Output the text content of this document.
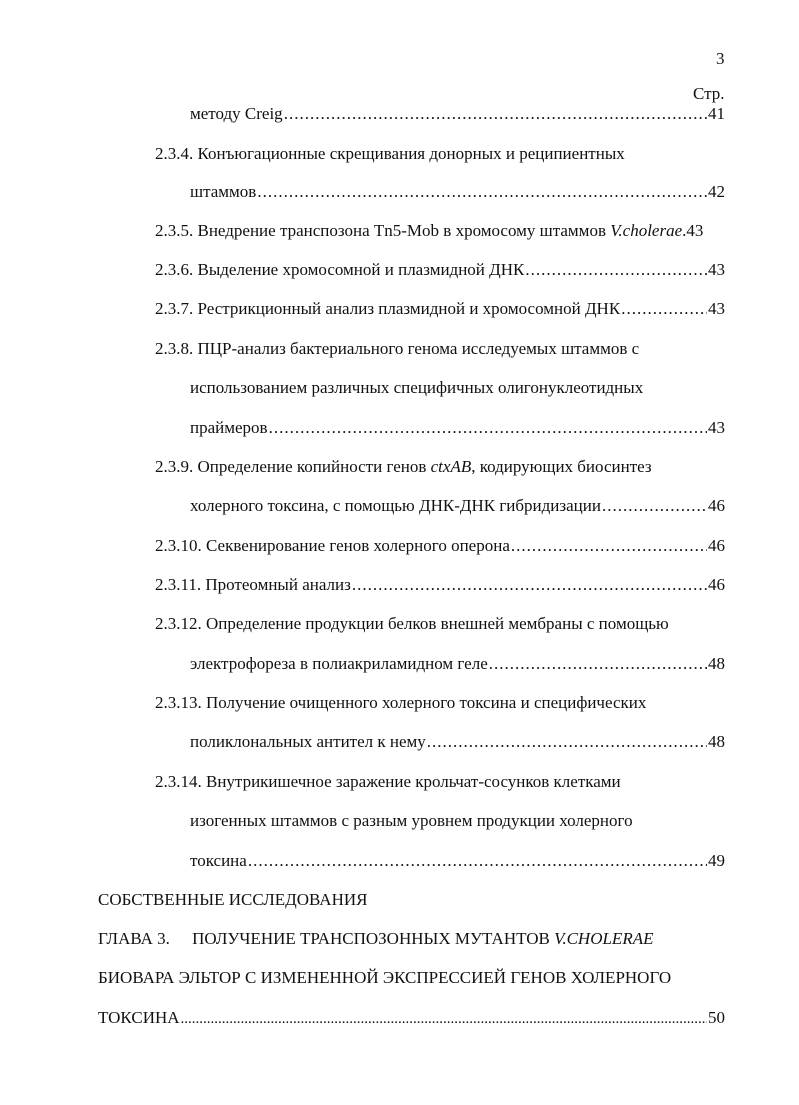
3
Стр.
методу Creig .....	41
2.3.4. Конъюгационные скрещивания донорных и реципиентных
штаммов .....	42
2.3.5. Внедрение транспозона Tn5-Mob в хромосому штаммов V.cholerae.43
2.3.6. Выделение хромосомной и плазмидной ДНК .....	43
2.3.7. Рестрикционный анализ плазмидной и хромосомной ДНК .....	43
2.3.8. ПЦР-анализ бактериального генома исследуемых штаммов с
использованием различных специфичных олигонуклеотидных
праймеров .....	43
2.3.9. Определение копийности генов ctxAB, кодирующих биосинтез
холерного токсина, с помощью ДНК-ДНК гибридизации .....	46
2.3.10. Секвенирование генов холерного оперона .....	46
2.3.11. Протеомный анализ .....	46
2.3.12. Определение продукции белков внешней мембраны с помощью
электрофореза в полиакриламидном геле .....	48
2.3.13. Получение очищенного холерного токсина и специфических
поликлональных антител к нему .....	48
2.3.14. Внутрикишечное заражение крольчат-сосунков клетками
изогенных штаммов с разным уровнем продукции холерного
токсина .....	49
СОБСТВЕННЫЕ ИССЛЕДОВАНИЯ
ГЛАВА 3. ПОЛУЧЕНИЕ ТРАНСПОЗОННЫХ МУТАНТОВ V.CHOLERAE
БИОВАРА ЭЛЬТОР С ИЗМЕНЕННОЙ ЭКСПРЕССИЕЙ ГЕНОВ ХОЛЕРНОГО
ТОКСИНА .....	50
